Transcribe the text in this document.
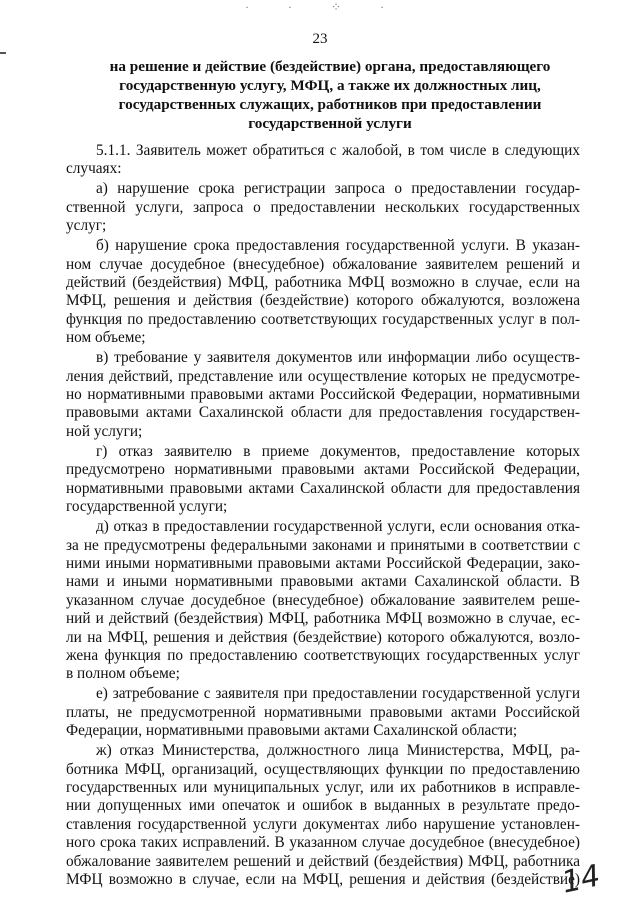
· · ⁘ ·
23
на решение и действие (бездействие) органа, предоставляющего
государственную услугу, МФЦ, а также их должностных лиц,
государственных служащих, работников при предоставлении
государственной услуги

5.1.1. Заявитель может обратиться с жалобой, в том числе в следующих
случаях:

а) нарушение срока регистрации запроса о предоставлении государ-
ственной услуги, запроса о предоставлении нескольких государственных
услуг;

б) нарушение срока предоставления государственной услуги. В указан-
ном случае досудебное (внесудебное) обжалование заявителем решений и
действий (бездействия) МФЦ, работника МФЦ возможно в случае, если на
МФЦ, решения и действия (бездействие) которого обжалуются, возложена
функция по предоставлению соответствующих государственных услуг в пол-
ном объеме;

в) требование у заявителя документов или информации либо осуществ-
ления действий, представление или осуществление которых не предусмотре-
но нормативными правовыми актами Российской Федерации, нормативными
правовыми актами Сахалинской области для предоставления государствен-
ной услуги;

г) отказ заявителю в приеме документов, предоставление которых
предусмотрено нормативными правовыми актами Российской Федерации,
нормативными правовыми актами Сахалинской области для предоставления
государственной услуги;

д) отказ в предоставлении государственной услуги, если основания отка-
за не предусмотрены федеральными законами и принятыми в соответствии с
ними иными нормативными правовыми актами Российской Федерации, зако-
нами и иными нормативными правовыми актами Сахалинской области. В
указанном случае досудебное (внесудебное) обжалование заявителем реше-
ний и действий (бездействия) МФЦ, работника МФЦ возможно в случае, ес-
ли на МФЦ, решения и действия (бездействие) которого обжалуются, возло-
жена функция по предоставлению соответствующих государственных услуг
в полном объеме;

е) затребование с заявителя при предоставлении государственной услуги
платы, не предусмотренной нормативными правовыми актами Российской
Федерации, нормативными правовыми актами Сахалинской области;

ж) отказ Министерства, должностного лица Министерства, МФЦ, ра-
ботника МФЦ, организаций, осуществляющих функции по предоставлению
государственных или муниципальных услуг, или их работников в исправле-
нии допущенных ими опечаток и ошибок в выданных в результате предо-
ставления государственной услуги документах либо нарушение установлен-
ного срока таких исправлений. В указанном случае досудебное (внесудебное)
обжалование заявителем решений и действий (бездействия) МФЦ, работника
МФЦ возможно в случае, если на МФЦ, решения и действия (бездействие)

14
